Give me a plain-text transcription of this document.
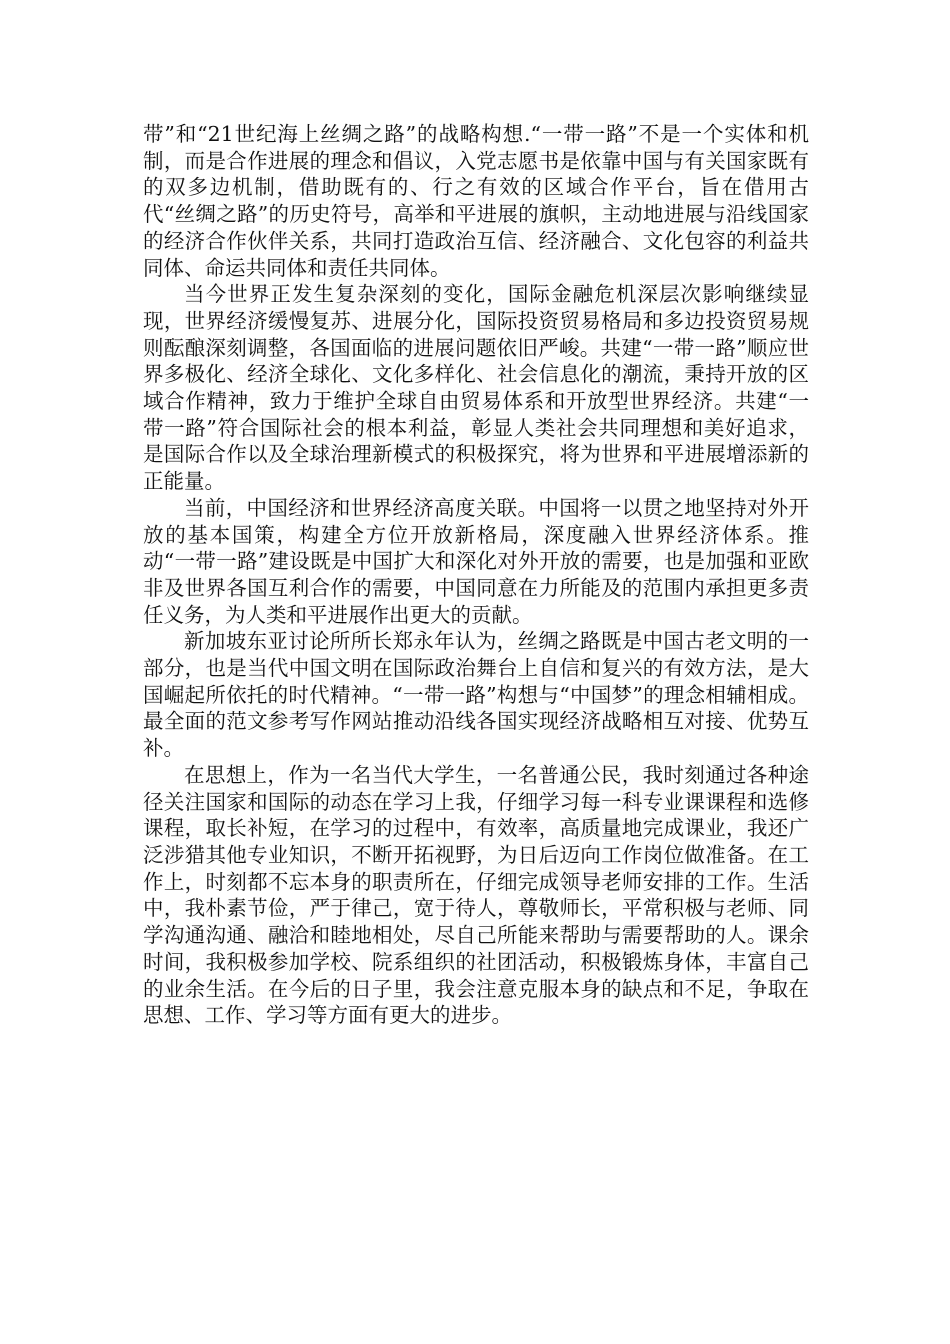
带”和“21世纪海上丝绸之路”的战略构想.“一带一路”不是一个实体和机制，而是合作进展的理念和倡议，入党志愿书是依靠中国与有关国家既有的双多边机制，借助既有的、行之有效的区域合作平台，旨在借用古代“丝绸之路”的历史符号，高举和平进展的旗帜，主动地进展与沿线国家的经济合作伙伴关系，共同打造政治互信、经济融合、文化包容的利益共同体、命运共同体和责任共同体。

当今世界正发生复杂深刻的变化，国际金融危机深层次影响继续显现，世界经济缓慢复苏、进展分化，国际投资贸易格局和多边投资贸易规则酝酿深刻调整，各国面临的进展问题依旧严峻。共建“一带一路”顺应世界多极化、经济全球化、文化多样化、社会信息化的潮流，秉持开放的区域合作精神，致力于维护全球自由贸易体系和开放型世界经济。共建“一带一路”符合国际社会的根本利益，彰显人类社会共同理想和美好追求，是国际合作以及全球治理新模式的积极探究，将为世界和平进展增添新的正能量。

当前，中国经济和世界经济高度关联。中国将一以贯之地坚持对外开放的基本国策，构建全方位开放新格局，深度融入世界经济体系。推动“一带一路”建设既是中国扩大和深化对外开放的需要，也是加强和亚欧非及世界各国互利合作的需要，中国同意在力所能及的范围内承担更多责任义务，为人类和平进展作出更大的贡献。

新加坡东亚讨论所所长郑永年认为，丝绸之路既是中国古老文明的一部分，也是当代中国文明在国际政治舞台上自信和复兴的有效方法，是大国崛起所依托的时代精神。“一带一路”构想与“中国梦”的理念相辅相成。最全面的范文参考写作网站推动沿线各国实现经济战略相互对接、优势互补。

在思想上，作为一名当代大学生，一名普通公民，我时刻通过各种途径关注国家和国际的动态在学习上我，仔细学习每一科专业课课程和选修课程，取长补短，在学习的过程中，有效率，高质量地完成课业，我还广泛涉猎其他专业知识，不断开拓视野，为日后迈向工作岗位做准备。在工作上，时刻都不忘本身的职责所在，仔细完成领导老师安排的工作。生活中，我朴素节俭，严于律己，宽于待人，尊敬师长，平常积极与老师、同学沟通沟通、融洽和睦地相处，尽自己所能来帮助与需要帮助的人。课余时间，我积极参加学校、院系组织的社团活动，积极锻炼身体，丰富自己的业余生活。在今后的日子里，我会注意克服本身的缺点和不足，争取在思想、工作、学习等方面有更大的进步。
